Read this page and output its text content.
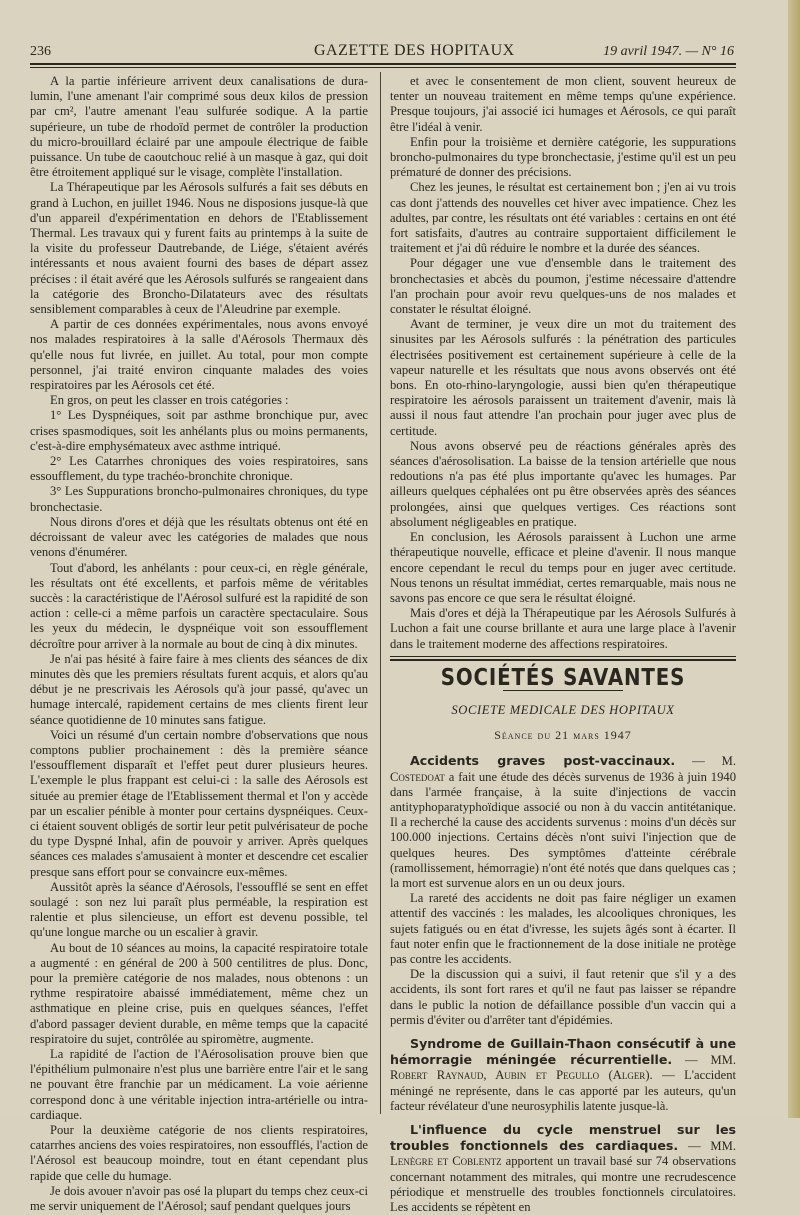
236	GAZETTE DES HOPITAUX	19 avril 1947. — N° 16

A la partie inférieure arrivent deux canalisations de dura-lumin, l'une amenant l'air comprimé sous deux kilos de pression par cm², l'autre amenant l'eau sulfurée sodique. A la partie supérieure, un tube de rhodoïd permet de contrôler la production du micro-brouillard éclairé par une ampoule électrique de faible puissance. Un tube de caoutchouc relié à un masque à gaz, qui doit être étroitement appliqué sur le visage, complète l'installation.

La Thérapeutique par les Aérosols sulfurés a fait ses débuts en grand à Luchon, en juillet 1946. Nous ne disposions jusque-là que d'un appareil d'expérimentation en dehors de l'Etablissement Thermal. Les travaux qui y furent faits au printemps à la suite de la visite du professeur Dautrebande, de Liége, s'étaient avérés intéressants et nous avaient fourni des bases de départ assez précises : il était avéré que les Aérosols sulfurés se rangeaient dans la catégorie des Broncho-Dilatateurs avec des résultats sensiblement comparables à ceux de l'Aleudrine par exemple.

A partir de ces données expérimentales, nous avons envoyé nos malades respiratoires à la salle d'Aérosols Thermaux dès qu'elle nous fut livrée, en juillet. Au total, pour mon compte personnel, j'ai traité environ cinquante malades des voies respiratoires par les Aérosols cet été.

En gros, on peut les classer en trois catégories :

1° Les Dyspnéiques, soit par asthme bronchique pur, avec crises spasmodiques, soit les anhélants plus ou moins permanents, c'est-à-dire emphysémateux avec asthme intriqué.

2° Les Catarrhes chroniques des voies respiratoires, sans essoufflement, du type trachéo-bronchite chronique.

3° Les Suppurations broncho-pulmonaires chroniques, du type bronchectasie.

Nous dirons d'ores et déjà que les résultats obtenus ont été en décroissant de valeur avec les catégories de malades que nous venons d'énumérer.

Tout d'abord, les anhélants : pour ceux-ci, en règle générale, les résultats ont été excellents, et parfois même de véritables succès : la caractéristique de l'Aérosol sulfuré est la rapidité de son action : celle-ci a même parfois un caractère spectaculaire. Sous les yeux du médecin, le dyspnéique voit son essoufflement décroître pour arriver à la normale au bout de cinq à dix minutes.

Je n'ai pas hésité à faire faire à mes clients des séances de dix minutes dès que les premiers résultats furent acquis, et alors qu'au début je ne prescrivais les Aérosols qu'à jour passé, qu'avec un humage intercalé, rapidement certains de mes clients firent leur séance quotidienne de 10 minutes sans fatigue.

Voici un résumé d'un certain nombre d'observations que nous comptons publier prochainement : dès la première séance l'essoufflement disparaît et l'effet peut durer plusieurs heures. L'exemple le plus frappant est celui-ci : la salle des Aérosols est située au premier étage de l'Etablissement thermal et l'on y accède par un escalier pénible à monter pour certains dyspnéiques. Ceux-ci étaient souvent obligés de sortir leur petit pulvérisateur de poche du type Dyspné Inhal, afin de pouvoir y arriver. Après quelques séances ces malades s'amusaient à monter et descendre cet escalier presque sans effort pour se convaincre eux-mêmes.

Aussitôt après la séance d'Aérosols, l'essoufflé se sent en effet soulagé : son nez lui paraît plus perméable, la respiration est ralentie et plus silencieuse, un effort est devenu possible, tel qu'une longue marche ou un escalier à gravir.

Au bout de 10 séances au moins, la capacité respiratoire totale a augmenté : en général de 200 à 500 centilitres de plus. Donc, pour la première catégorie de nos malades, nous obtenons : un rythme respiratoire abaissé immédiatement, même chez un asthmatique en pleine crise, puis en quelques séances, l'effet d'abord passager devient durable, en même temps que la capacité respiratoire du sujet, contrôlée au spiromètre, augmente.

La rapidité de l'action de l'Aérosolisation prouve bien que l'épithélium pulmonaire n'est plus une barrière entre l'air et le sang ne pouvant être franchie par un médicament. La voie aérienne correspond donc à une véritable injection intra-artérielle ou intra-cardiaque.

Pour la deuxième catégorie de nos clients respiratoires, catarrhes anciens des voies respiratoires, non essoufflés, l'action de l'Aérosol est beaucoup moindre, tout en étant cependant plus rapide que celle du humage.

Je dois avouer n'avoir pas osé la plupart du temps chez ceux-ci me servir uniquement de l'Aérosol; sauf pendant quelques jours

et avec le consentement de mon client, souvent heureux de tenter un nouveau traitement en même temps qu'une expérience. Presque toujours, j'ai associé ici humages et Aérosols, ce qui paraît être l'idéal à venir.

Enfin pour la troisième et dernière catégorie, les suppurations broncho-pulmonaires du type bronchectasie, j'estime qu'il est un peu prématuré de donner des précisions.

Chez les jeunes, le résultat est certainement bon ; j'en ai vu trois cas dont j'attends des nouvelles cet hiver avec impatience. Chez les adultes, par contre, les résultats ont été variables : certains en ont été fort satisfaits, d'autres au contraire supportaient difficilement le traitement et j'ai dû réduire le nombre et la durée des séances.

Pour dégager une vue d'ensemble dans le traitement des bronchectasies et abcès du poumon, j'estime nécessaire d'attendre l'an prochain pour avoir revu quelques-uns de nos malades et constater le résultat éloigné.

Avant de terminer, je veux dire un mot du traitement des sinusites par les Aérosols sulfurés : la pénétration des particules électrisées positivement est certainement supérieure à celle de la vapeur naturelle et les résultats que nous avons observés ont été bons. En oto-rhino-laryngologie, aussi bien qu'en thérapeutique respiratoire les aérosols paraissent un traitement d'avenir, mais là aussi il nous faut attendre l'an prochain pour juger avec plus de certitude.

Nous avons observé peu de réactions générales après des séances d'aérosolisation. La baisse de la tension artérielle que nous redoutions n'a pas été plus importante qu'avec les humages. Par ailleurs quelques céphalées ont pu être observées après des séances prolongées, ainsi que quelques vertiges. Ces réactions sont absolument négligeables en pratique.

En conclusion, les Aérosols paraissent à Luchon une arme thérapeutique nouvelle, efficace et pleine d'avenir. Il nous manque encore cependant le recul du temps pour en juger avec certitude. Nous tenons un résultat immédiat, certes remarquable, mais nous ne savons pas encore ce que sera le résultat éloigné.

Mais d'ores et déjà la Thérapeutique par les Aérosols Sulfurés à Luchon a fait une course brillante et aura une large place à l'avenir dans le traitement moderne des affections respiratoires.

SOCIÉTÉS SAVANTES
SOCIETE MEDICALE DES HOPITAUX
Séance du 21 mars 1947

Accidents graves post-vaccinaux. — M. Costedoat a fait une étude des décès survenus de 1936 à juin 1940 dans l'armée française, à la suite d'injections de vaccin antityphoparatyphoïdique associé ou non à du vaccin antitétanique. Il a recherché la cause des accidents survenus : moins d'un décès sur 100.000 injections. Certains décès n'ont suivi l'injection que de quelques heures. Des symptômes d'atteinte cérébrale (ramollissement, hémorragie) n'ont été notés que dans quelques cas ; la mort est survenue alors en un ou deux jours.

La rareté des accidents ne doit pas faire négliger un examen attentif des vaccinés : les malades, les alcooliques chroniques, les sujets fatigués ou en état d'ivresse, les sujets âgés sont à écarter. Il faut noter enfin que le fractionnement de la dose initiale ne protège pas contre les accidents.

De la discussion qui a suivi, il faut retenir que s'il y a des accidents, ils sont fort rares et qu'il ne faut pas laisser se répandre dans le public la notion de défaillance possible d'un vaccin qui a permis d'éviter ou d'arrêter tant d'épidémies.

Syndrome de Guillain-Thaon consécutif à une hémorragie méningée récurrentielle. — MM. Robert Raynaud, Aubin et Pegullo (Alger). — L'accident méningé ne représente, dans le cas apporté par les auteurs, qu'un facteur révélateur d'une neurosyphilis latente jusque-là.

L'influence du cycle menstruel sur les troubles fonctionnels des cardiaques. — MM. Lenègre et Coblentz apportent un travail basé sur 74 observations concernant notamment des mitrales, qui montre une recrudescence périodique et menstruelle des troubles fonctionnels circulatoires. Les accidents se répètent en
